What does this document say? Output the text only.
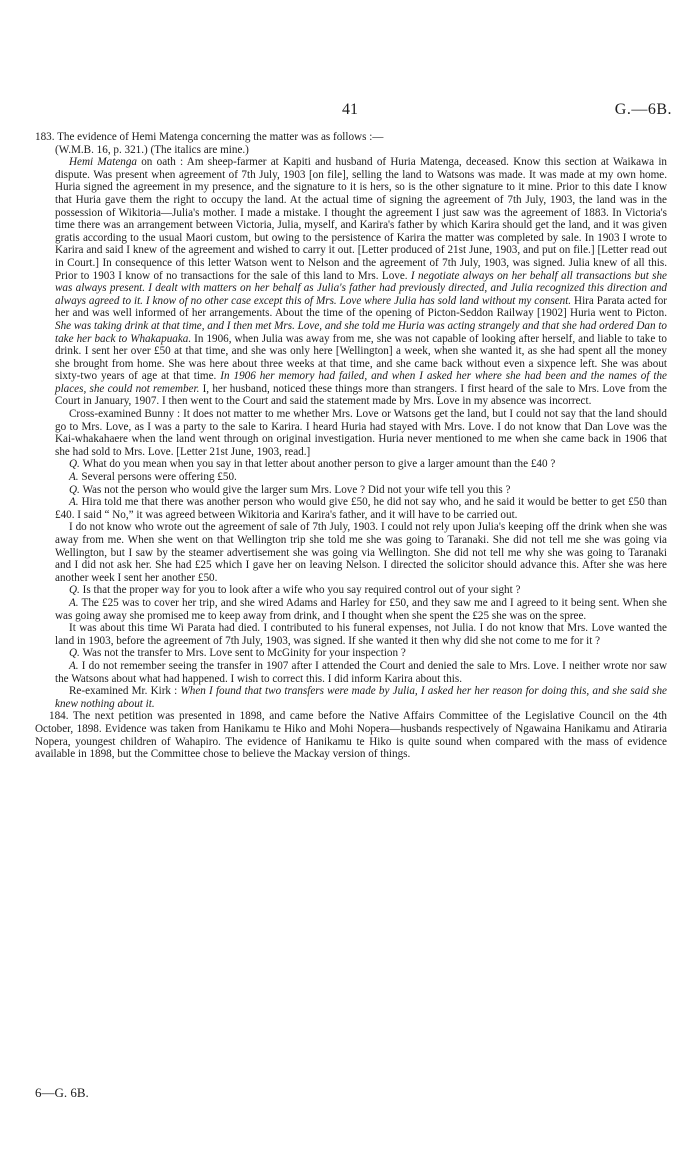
41	G.—6B.

183. The evidence of Hemi Matenga concerning the matter was as follows :—

(W.M.B. 16, p. 321.) (The italics are mine.)

Hemi Matenga on oath : Am sheep-farmer at Kapiti and husband of Huria Matenga, deceased. Know this section at Waikawa in dispute. Was present when agreement of 7th July, 1903 [on file], selling the land to Watsons was made. It was made at my own home. Huria signed the agreement in my presence, and the signature to it is hers, so is the other signature to it mine. Prior to this date I know that Huria gave them the right to occupy the land. At the actual time of signing the agreement of 7th July, 1903, the land was in the possession of Wikitoria—Julia's mother. I made a mistake. I thought the agreement I just saw was the agreement of 1883. In Victoria's time there was an arrangement between Victoria, Julia, myself, and Karira's father by which Karira should get the land, and it was given gratis according to the usual Maori custom, but owing to the persistence of Karira the matter was completed by sale. In 1903 I wrote to Karira and said I knew of the agreement and wished to carry it out. [Letter produced of 21st June, 1903, and put on file.] [Letter read out in Court.] In consequence of this letter Watson went to Nelson and the agreement of 7th July, 1903, was signed. Julia knew of all this. Prior to 1903 I know of no transactions for the sale of this land to Mrs. Love. I negotiate always on her behalf all transactions but she was always present. I dealt with matters on her behalf as Julia's father had previously directed, and Julia recognized this direction and always agreed to it. I know of no other case except this of Mrs. Love where Julia has sold land without my consent. Hira Parata acted for her and was well informed of her arrangements. About the time of the opening of Picton-Seddon Railway [1902] Huria went to Picton. She was taking drink at that time, and I then met Mrs. Love, and she told me Huria was acting strangely and that she had ordered Dan to take her back to Whakapuaka. In 1906, when Julia was away from me, she was not capable of looking after herself, and liable to take to drink. I sent her over £50 at that time, and she was only here [Wellington] a week, when she wanted it, as she had spent all the money she brought from home. She was here about three weeks at that time, and she came back without even a sixpence left. She was about sixty-two years of age at that time. In 1906 her memory had failed, and when I asked her where she had been and the names of the places, she could not remember. I, her husband, noticed these things more than strangers. I first heard of the sale to Mrs. Love from the Court in January, 1907. I then went to the Court and said the statement made by Mrs. Love in my absence was incorrect.

Cross-examined Bunny : It does not matter to me whether Mrs. Love or Watsons get the land, but I could not say that the land should go to Mrs. Love, as I was a party to the sale to Karira. I heard Huria had stayed with Mrs. Love. I do not know that Dan Love was the Kai-whakahaere when the land went through on original investigation. Huria never mentioned to me when she came back in 1906 that she had sold to Mrs. Love. [Letter 21st June, 1903, read.]

Q. What do you mean when you say in that letter about another person to give a larger amount than the £40 ?

A. Several persons were offering £50.

Q. Was not the person who would give the larger sum Mrs. Love ? Did not your wife tell you this ?

A. Hira told me that there was another person who would give £50, he did not say who, and he said it would be better to get £50 than £40. I said “ No,” it was agreed between Wikitoria and Karira's father, and it will have to be carried out.

I do not know who wrote out the agreement of sale of 7th July, 1903. I could not rely upon Julia's keeping off the drink when she was away from me. When she went on that Wellington trip she told me she was going to Taranaki. She did not tell me she was going via Wellington, but I saw by the steamer advertisement she was going via Wellington. She did not tell me why she was going to Taranaki and I did not ask her. She had £25 which I gave her on leaving Nelson. I directed the solicitor should advance this. After she was here another week I sent her another £50.

Q. Is that the proper way for you to look after a wife who you say required control out of your sight ?

A. The £25 was to cover her trip, and she wired Adams and Harley for £50, and they saw me and I agreed to it being sent. When she was going away she promised me to keep away from drink, and I thought when she spent the £25 she was on the spree.

It was about this time Wi Parata had died. I contributed to his funeral expenses, not Julia. I do not know that Mrs. Love wanted the land in 1903, before the agreement of 7th July, 1903, was signed. If she wanted it then why did she not come to me for it ?

Q. Was not the transfer to Mrs. Love sent to McGinity for your inspection ?

A. I do not remember seeing the transfer in 1907 after I attended the Court and denied the sale to Mrs. Love. I neither wrote nor saw the Watsons about what had happened. I wish to correct this. I did inform Karira about this.

Re-examined Mr. Kirk : When I found that two transfers were made by Julia, I asked her her reason for doing this, and she said she knew nothing about it.

184. The next petition was presented in 1898, and came before the Native Affairs Committee of the Legislative Council on the 4th October, 1898. Evidence was taken from Hanikamu te Hiko and Mohi Nopera—husbands respectively of Ngawaina Hanikamu and Atiraria Nopera, youngest children of Wahapiro. The evidence of Hanikamu te Hiko is quite sound when compared with the mass of evidence available in 1898, but the Committee chose to believe the Mackay version of things.

6—G. 6B.
